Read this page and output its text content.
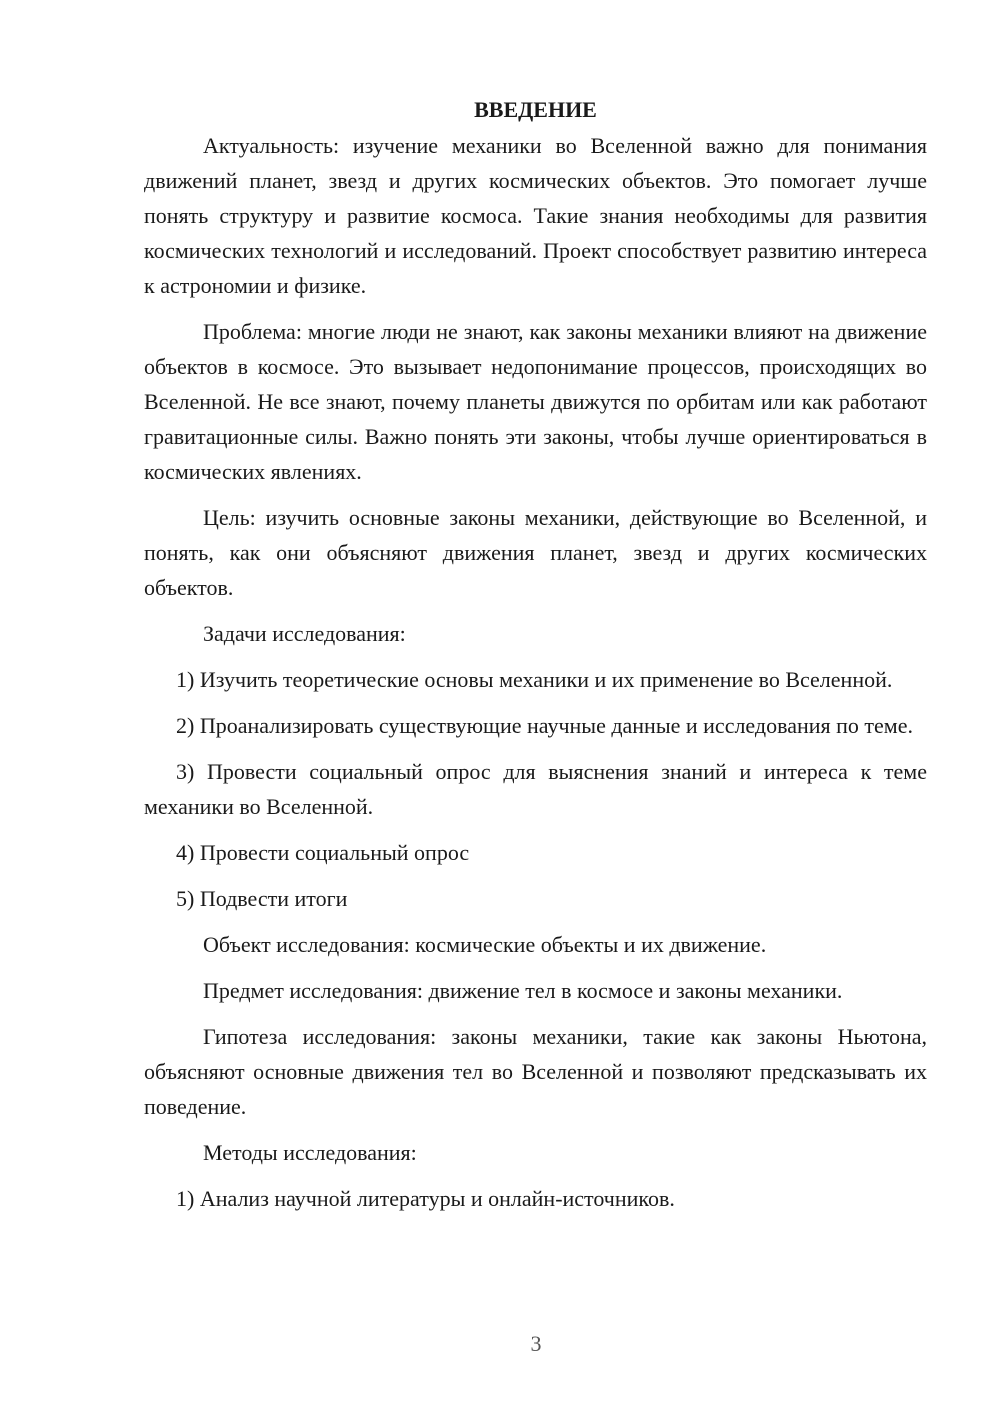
ВВЕДЕНИЕ

Актуальность: изучение механики во Вселенной важно для понимания движений планет, звезд и других космических объектов. Это помогает лучше понять структуру и развитие космоса. Такие знания необходимы для развития космических технологий и исследований. Проект способствует развитию интереса к астрономии и физике.

Проблема: многие люди не знают, как законы механики влияют на движение объектов в космосе. Это вызывает недопонимание процессов, происходящих во Вселенной. Не все знают, почему планеты движутся по орбитам или как работают гравитационные силы. Важно понять эти законы, чтобы лучше ориентироваться в космических явлениях.

Цель: изучить основные законы механики, действующие во Вселенной, и понять, как они объясняют движения планет, звезд и других космических объектов.

Задачи исследования:

1) Изучить теоретические основы механики и их применение во Вселенной.

2) Проанализировать существующие научные данные и исследования по теме.

3) Провести социальный опрос для выяснения знаний и интереса к теме механики во Вселенной.

4) Провести социальный опрос

5) Подвести итоги

Объект исследования: космические объекты и их движение.

Предмет исследования: движение тел в космосе и законы механики.

Гипотеза исследования: законы механики, такие как законы Ньютона, объясняют основные движения тел во Вселенной и позволяют предсказывать их поведение.

Методы исследования:

1) Анализ научной литературы и онлайн-источников.

3
